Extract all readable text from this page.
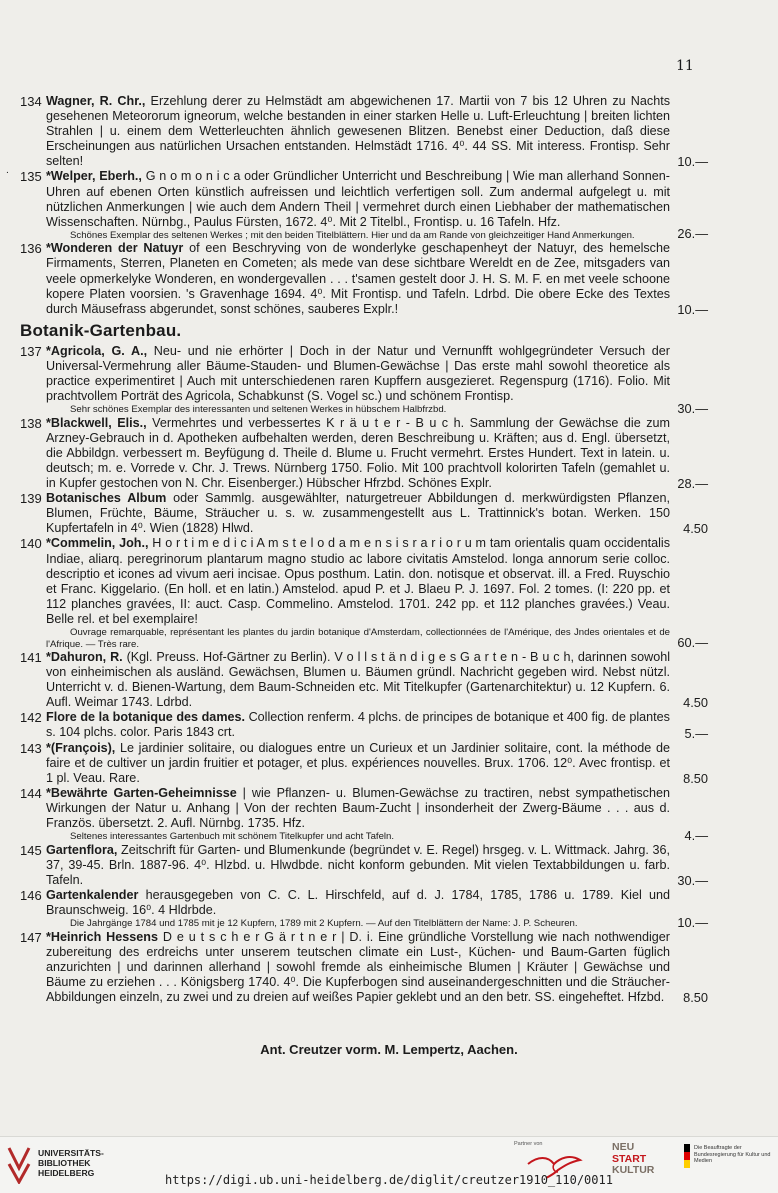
11
.
134 Wagner, R. Chr., Erzehlung derer zu Helmstädt am abgewichenen 17. Martii von 7 bis 12 Uhren zu Nachts gesehenen Meteororum igneorum, welche bestanden in einer starken Helle u. Luft-Erleuchtung | breiten lichten Strahlen | u. einem dem Wetterleuchten ähnlich gewesenen Blitzen. Benebst einer Deduction, daß diese Erscheinungen aus natürlichen Ursachen entstanden. Helmstädt 1716. 4⁰. 44 SS. Mit interess. Frontisp. Sehr selten!	10.—
135 *Welper, Eberh., G n o m o n i c a oder Gründlicher Unterricht und Beschreibung | Wie man allerhand Sonnen-Uhren auf ebenen Orten künstlich aufreissen und leichtlich verfertigen soll. Zum andermal aufgelegt u. mit nützlichen Anmerkungen | wie auch dem Andern Theil | vermehret durch einen Liebhaber der mathematischen Wissenschaften. Nürnbg., Paulus Fürsten, 1672. 4⁰. Mit 2 Titelbl., Frontisp. u. 16 Tafeln. Hfz.
Schönes Exemplar des seltenen Werkes ; mit den beiden Titelblättern. Hier und da am Rande von gleichzeitiger Hand Anmerkungen.	26.—
136 *Wonderen der Natuyr of een Beschryving von de wonderlyke geschapenheyt der Natuyr, des hemelsche Firmaments, Sterren, Planeten en Cometen; als mede van dese sichtbare Wereldt en de Zee, mitsgaders van veele opmerkelyke Wonderen, en wondergevallen . . . t'samen gestelt door J. H. S. M. F. en met veele schoone kopere Platen voorsien. 's Gravenhage 1694. 4⁰. Mit Frontisp. und Tafeln. Ldrbd. Die obere Ecke des Textes durch Mäusefrass abgerundet, sonst schönes, sauberes Explr.!	10.—
Botanik-Gartenbau.
137 *Agricola, G. A., Neu- und nie erhörter | Doch in der Natur und Vernunfft wohlgegründeter Versuch der Universal-Vermehrung aller Bäume-Stauden- und Blumen-Gewächse | Das erste mahl sowohl theoretice als practice experimentiret | Auch mit unterschiedenen raren Kupffern ausgezieret. Regenspurg (1716). Folio. Mit prachtvollem Porträt des Agricola, Schabkunst (S. Vogel sc.) und schönem Frontisp.
Sehr schönes Exemplar des interessanten und seltenen Werkes in hübschem Halbfrzbd.	30.—
138 *Blackwell, Elis., Vermehrtes und verbessertes K r ä u t e r - B u c h. Sammlung der Gewächse die zum Arzney-Gebrauch in d. Apotheken aufbehalten werden, deren Beschreibung u. Kräften; aus d. Engl. übersetzt, die Abbildgn. verbessert m. Beyfügung d. Theile d. Blume u. Frucht vermehrt. Erstes Hundert. Text in latein. u. deutsch; m. e. Vorrede v. Chr. J. Trews. Nürnberg 1750. Folio. Mit 100 prachtvoll kolorirten Tafeln (gemahlet u. in Kupfer gestochen von N. Chr. Eisenberger.) Hübscher Hfrzbd. Schönes Explr.	28.—
139 Botanisches Album oder Sammlg. ausgewählter, naturgetreuer Abbildungen d. merkwürdigsten Pflanzen, Blumen, Früchte, Bäume, Sträucher u. s. w. zusammengestellt aus L. Trattinnick's botan. Werken. 150 Kupfertafeln in 4⁰. Wien (1828) Hlwd.	4.50
140 *Commelin, Joh., H o r t i m e d i c i A m s t e l o d a m e n s i s r a r i o r u m tam orientalis quam occidentalis Indiae, aliarq. peregrinorum plantarum magno studio ac labore civitatis Amstelod. longa annorum serie colloc. descriptio et icones ad vivum aeri incisae. Opus posthum. Latin. don. notisque et observat. ill. a Fred. Ruyschio et Franc. Kiggelario. (En holl. et en latin.) Amstelod. apud P. et J. Blaeu P. J. 1697. Fol. 2 tomes. (I: 220 pp. et 112 planches gravées, II: auct. Casp. Commelino. Amstelod. 1701. 242 pp. et 112 planches gravées.) Veau. Belle rel. et bel exemplaire!
Ouvrage remarquable, représentant les plantes du jardin botanique d'Amsterdam, collectionnées de l'Amérique, des Jndes orientales et de l'Afrique. — Très rare.	60.—
141 *Dahuron, R. (Kgl. Preuss. Hof-Gärtner zu Berlin). V o l l s t ä n d i g e s G a r t e n - B u c h, darinnen sowohl von einheimischen als ausländ. Gewächsen, Blumen u. Bäumen gründl. Nachricht gegeben wird. Nebst nützl. Unterricht v. d. Bienen-Wartung, dem Baum-Schneiden etc. Mit Titelkupfer (Gartenarchitektur) u. 12 Kupfern. 6. Aufl. Weimar 1743. Ldrbd.	4.50
142 Flore de la botanique des dames. Collection renferm. 4 plchs. de principes de botanique et 400 fig. de plantes s. 104 plchs. color. Paris 1843 crt.	5.—
143 *(François), Le jardinier solitaire, ou dialogues entre un Curieux et un Jardinier solitaire, cont. la méthode de faire et de cultiver un jardin fruitier et potager, et plus. expériences nouvelles. Brux. 1706. 12⁰. Avec frontisp. et 1 pl. Veau. Rare.	8.50
144 *Bewährte Garten-Geheimnisse | wie Pflanzen- u. Blumen-Gewächse zu tractiren, nebst sympathetischen Wirkungen der Natur u. Anhang | Von der rechten Baum-Zucht | insonderheit der Zwerg-Bäume . . . aus d. Französ. übersetzt. 2. Aufl. Nürnbg. 1735. Hfz.
Seltenes interessantes Gartenbuch mit schönem Titelkupfer und acht Tafeln.	4.—
145 Gartenflora, Zeitschrift für Garten- und Blumenkunde (begründet v. E. Regel) hrsgeg. v. L. Wittmack. Jahrg. 36, 37, 39-45. Brln. 1887-96. 4⁰. Hlzbd. u. Hlwdbde. nicht konform gebunden. Mit vielen Textabbildungen u. farb. Tafeln.	30.—
146 Gartenkalender herausgegeben von C. C. L. Hirschfeld, auf d. J. 1784, 1785, 1786 u. 1789. Kiel und Braunschweig. 16⁰. 4 Hldrbde.
Die Jahrgänge 1784 und 1785 mit je 12 Kupfern, 1789 mit 2 Kupfern. — Auf den Titelblättern der Name: J. P. Scheuren.	10.—
147 *Heinrich Hessens D e u t s c h e r G ä r t n e r | D. i. Eine gründliche Vorstellung wie nach nothwendiger zubereitung des erdreichs unter unserem teutschen climate ein Lust-, Küchen- und Baum-Garten füglich anzurichten | und darinnen allerhand | sowohl fremde als einheimische Blumen | Kräuter | Gewächse und Bäume zu erziehen . . . Königsberg 1740. 4⁰. Die Kupferbogen sind auseinandergeschnitten und die Sträucher-Abbildungen einzeln, zu zwei und zu dreien auf weißes Papier geklebt und an den betr. SS. eingeheftet. Hfzbd.	8.50
Ant. Creutzer vorm. M. Lempertz, Aachen.
UNIVERSITÄTS-
BIBLIOTHEK
HEIDELBERG
Partner von	NEU
START
KULTUR
Die Beauftragte der Bundesregierung für Kultur und Medien
https://digi.ub.uni-heidelberg.de/diglit/creutzer1910_110/0011
